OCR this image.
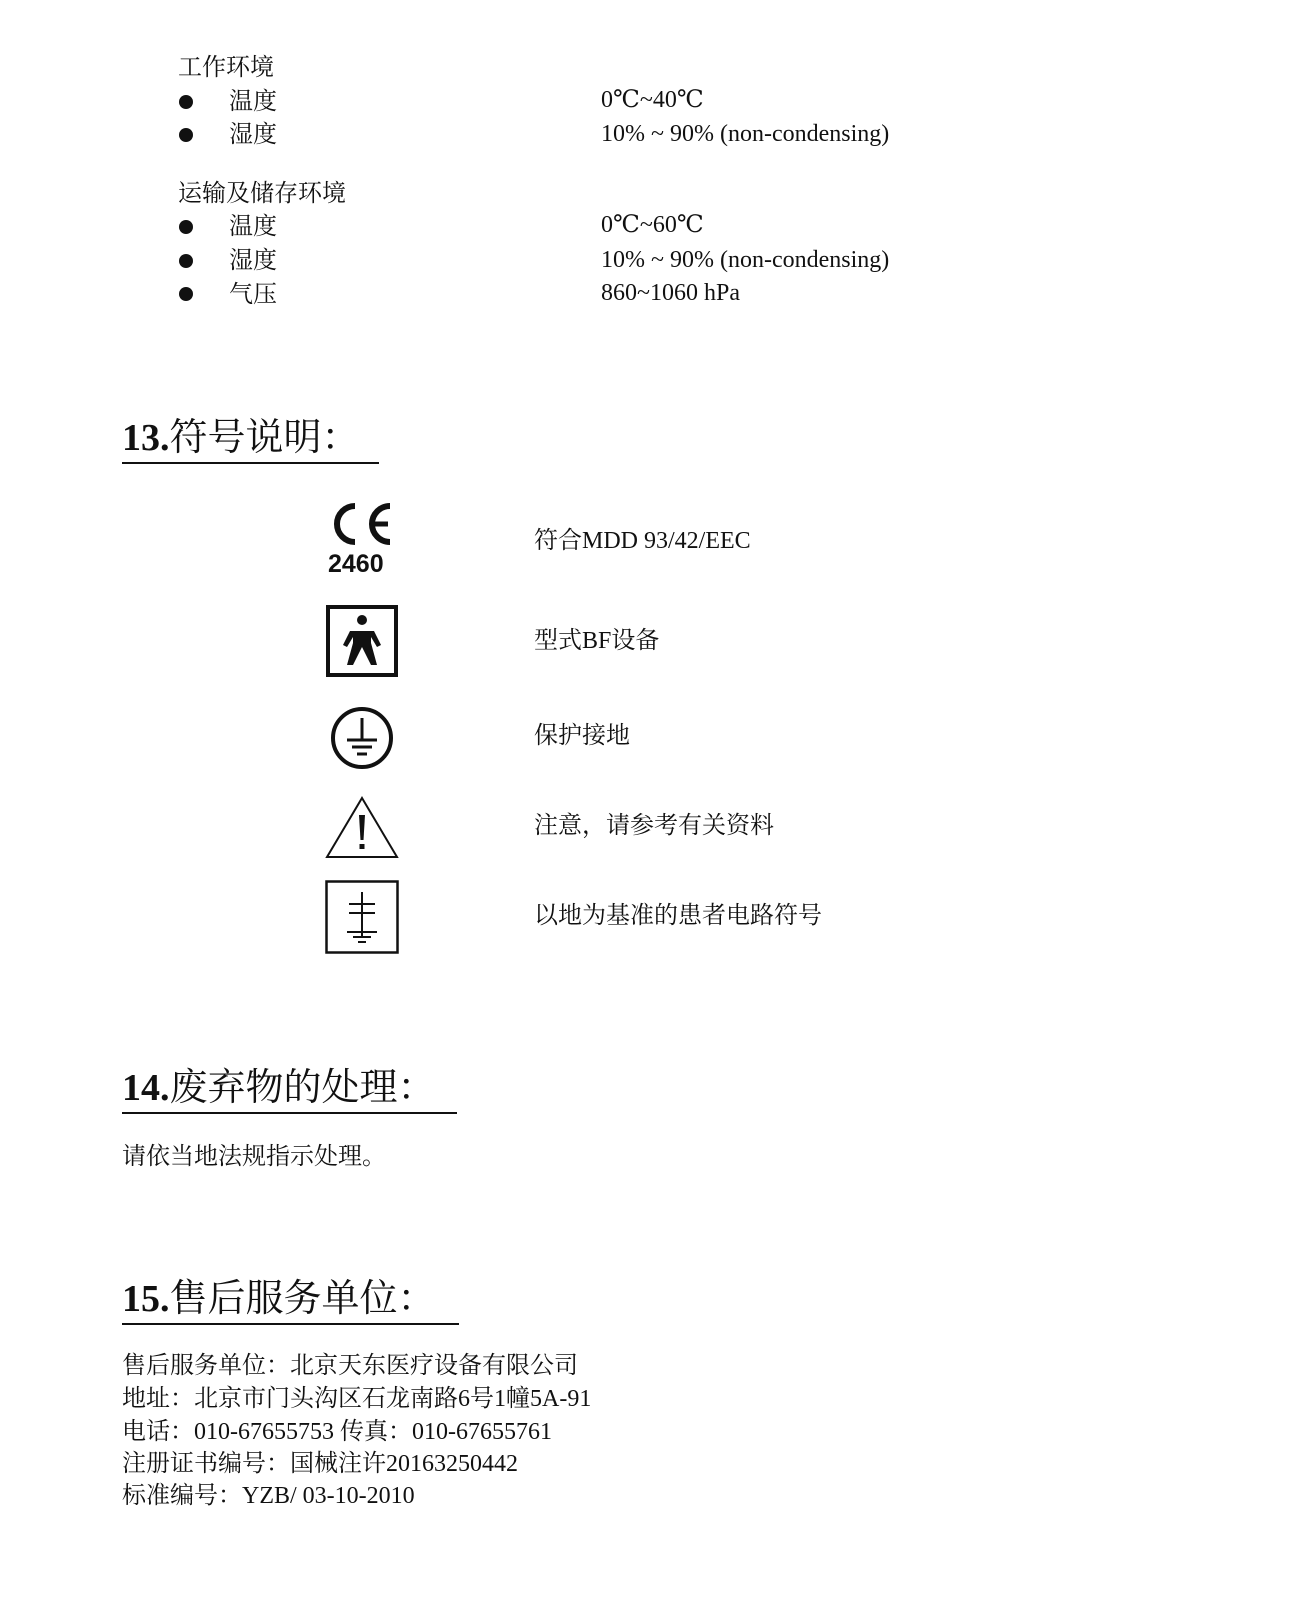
工作环境
温度	0℃~40℃
湿度	10% ~ 90% (non-condensing)
运输及储存环境
温度	0℃~60℃
湿度	10% ~ 90% (non-condensing)
气压	860~1060 hPa
13.符号说明：
2460
符合MDD 93/42/EEC
型式BF设备
保护接地
注意，请参考有关资料
以地为基准的患者电路符号
14.废弃物的处理：
请依当地法规指示处理。
15.售后服务单位：
售后服务单位：北京天东医疗设备有限公司
地址：北京市门头沟区石龙南路6号1幢5A-91
电话：010-67655753 传真：010-67655761
注册证书编号：国械注许20163250442
标准编号：YZB/ 03-10-2010
